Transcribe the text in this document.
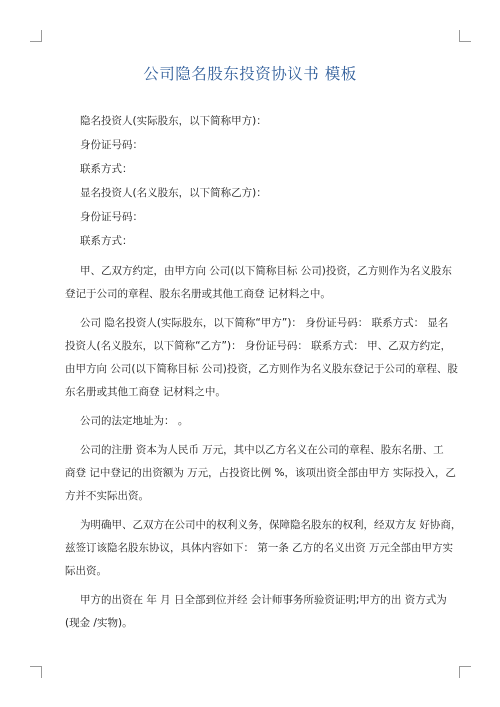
公司隐名股东投资协议书 模板

隐名投资人(实际股东，以下简称甲方)：

身份证号码：

联系方式：

显名投资人(名义股东，以下简称乙方)：

身份证号码：

联系方式：

甲、乙双方约定，由甲方向 公司(以下简称目标 公司)投资，乙方则作为名义股东
登记于公司的章程、股东名册或其他工商登 记材料之中。

公司 隐名投资人(实际股东，以下简称“甲方”)： 身份证号码： 联系方式： 显名
投资人(名义股东，以下简称“乙方”)： 身份证号码： 联系方式： 甲、乙双方约定，
由甲方向 公司(以下简称目标 公司)投资，乙方则作为名义股东登记于公司的章程、股
东名册或其他工商登 记材料之中。

公司的法定地址为： 。

公司的注册 资本为人民币 万元，其中以乙方名义在公司的章程、股东名册、工
商登 记中登记的出资额为 万元，占投资比例 %，该项出资全部由甲方 实际投入，乙
方并不实际出资。

为明确甲、乙双方在公司中的权利义务，保障隐名股东的权利，经双方友 好协商，
兹签订该隐名股东协议，具体内容如下： 第一条 乙方的名义出资 万元全部由甲方实
际出资。

甲方的出资在 年 月 日全部到位并经 会计师事务所验资证明;甲方的出 资方式为
(现金 /实物)。
